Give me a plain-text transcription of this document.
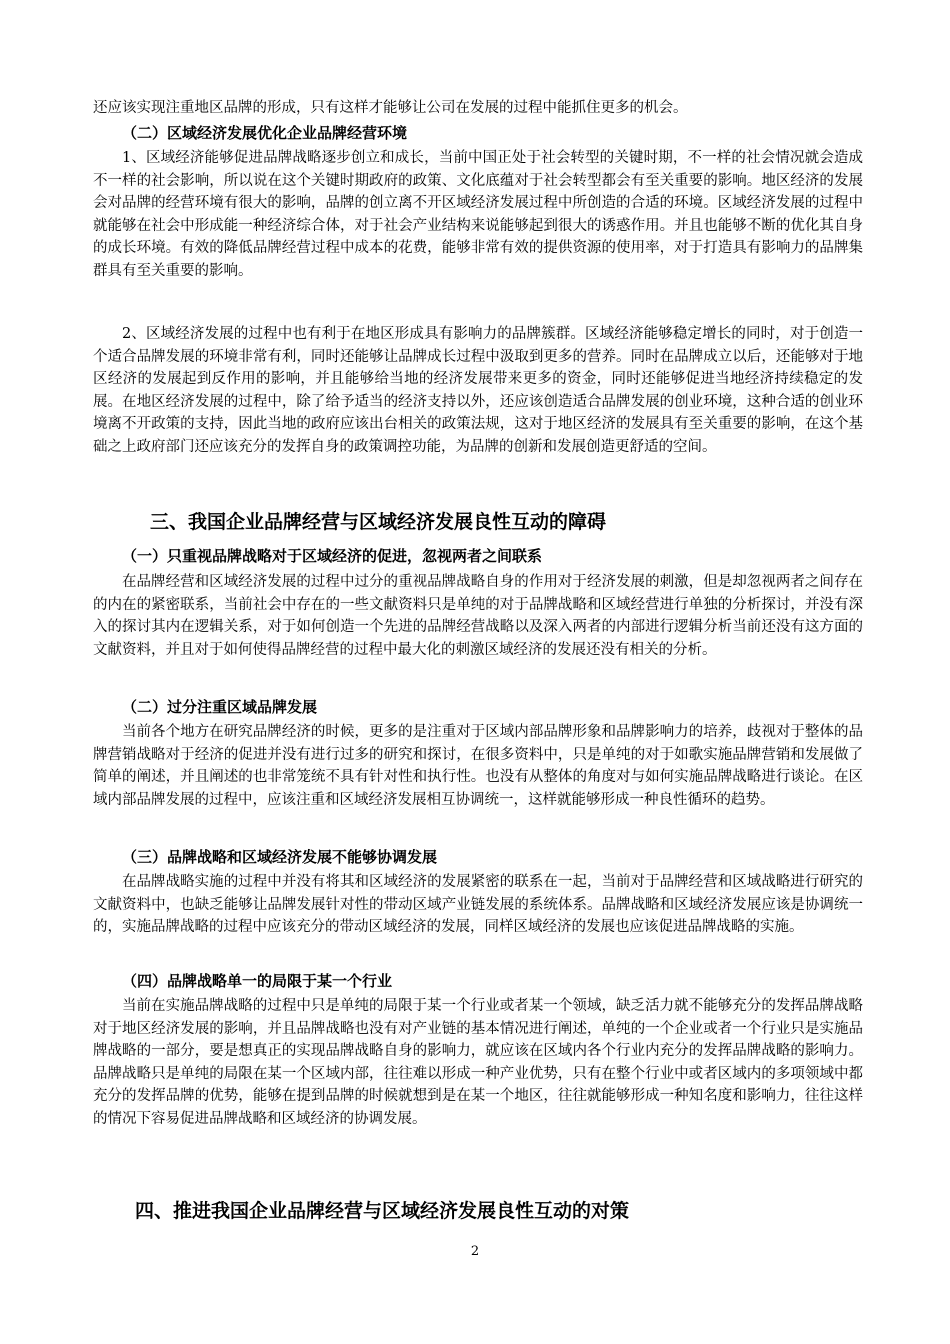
还应该实现注重地区品牌的形成，只有这样才能够让公司在发展的过程中能抓住更多的机会。

（二）区域经济发展优化企业品牌经营环境

1、区域经济能够促进品牌战略逐步创立和成长，当前中国正处于社会转型的关键时期，不一样的社会情况就会造成不一样的社会影响，所以说在这个关键时期政府的政策、文化底蕴对于社会转型都会有至关重要的影响。地区经济的发展会对品牌的经营环境有很大的影响，品牌的创立离不开区域经济发展过程中所创造的合适的环境。区域经济发展的过程中就能够在社会中形成能一种经济综合体，对于社会产业结构来说能够起到很大的诱惑作用。并且也能够不断的优化其自身的成长环境。有效的降低品牌经营过程中成本的花费，能够非常有效的提供资源的使用率，对于打造具有影响力的品牌集群具有至关重要的影响。

2、区域经济发展的过程中也有利于在地区形成具有影响力的品牌簇群。区域经济能够稳定增长的同时，对于创造一个适合品牌发展的环境非常有利，同时还能够让品牌成长过程中汲取到更多的营养。同时在品牌成立以后，还能够对于地区经济的发展起到反作用的影响，并且能够给当地的经济发展带来更多的资金，同时还能够促进当地经济持续稳定的发展。在地区经济发展的过程中，除了给予适当的经济支持以外，还应该创造适合品牌发展的创业环境，这种合适的创业环境离不开政策的支持，因此当地的政府应该出台相关的政策法规，这对于地区经济的发展具有至关重要的影响，在这个基础之上政府部门还应该充分的发挥自身的政策调控功能，为品牌的创新和发展创造更舒适的空间。

三、我国企业品牌经营与区域经济发展良性互动的障碍
（一）只重视品牌战略对于区域经济的促进，忽视两者之间联系

在品牌经营和区域经济发展的过程中过分的重视品牌战略自身的作用对于经济发展的刺激，但是却忽视两者之间存在的内在的紧密联系，当前社会中存在的一些文献资料只是单纯的对于品牌战略和区域经营进行单独的分析探讨，并没有深入的探讨其内在逻辑关系，对于如何创造一个先进的品牌经营战略以及深入两者的内部进行逻辑分析当前还没有这方面的文献资料，并且对于如何使得品牌经营的过程中最大化的刺激区域经济的发展还没有相关的分析。

（二）过分注重区域品牌发展

当前各个地方在研究品牌经济的时候，更多的是注重对于区域内部品牌形象和品牌影响力的培养，歧视对于整体的品牌营销战略对于经济的促进并没有进行过多的研究和探讨，在很多资料中，只是单纯的对于如歌实施品牌营销和发展做了简单的阐述，并且阐述的也非常笼统不具有针对性和执行性。也没有从整体的角度对与如何实施品牌战略进行谈论。在区域内部品牌发展的过程中，应该注重和区域经济发展相互协调统一，这样就能够形成一种良性循环的趋势。

（三）品牌战略和区域经济发展不能够协调发展

在品牌战略实施的过程中并没有将其和区域经济的发展紧密的联系在一起，当前对于品牌经营和区域战略进行研究的文献资料中，也缺乏能够让品牌发展针对性的带动区域产业链发展的系统体系。品牌战略和区域经济发展应该是协调统一的，实施品牌战略的过程中应该充分的带动区域经济的发展，同样区域经济的发展也应该促进品牌战略的实施。

（四）品牌战略单一的局限于某一个行业

当前在实施品牌战略的过程中只是单纯的局限于某一个行业或者某一个领域，缺乏活力就不能够充分的发挥品牌战略对于地区经济发展的影响，并且品牌战略也没有对产业链的基本情况进行阐述，单纯的一个企业或者一个行业只是实施品牌战略的一部分，要是想真正的实现品牌战略自身的影响力，就应该在区域内各个行业内充分的发挥品牌战略的影响力。品牌战略只是单纯的局限在某一个区域内部，往往难以形成一种产业优势，只有在整个行业中或者区域内的多项领域中都充分的发挥品牌的优势，能够在提到品牌的时候就想到是在某一个地区，往往就能够形成一种知名度和影响力，往往这样的情况下容易促进品牌战略和区域经济的协调发展。

四、推进我国企业品牌经营与区域经济发展良性互动的对策
2
